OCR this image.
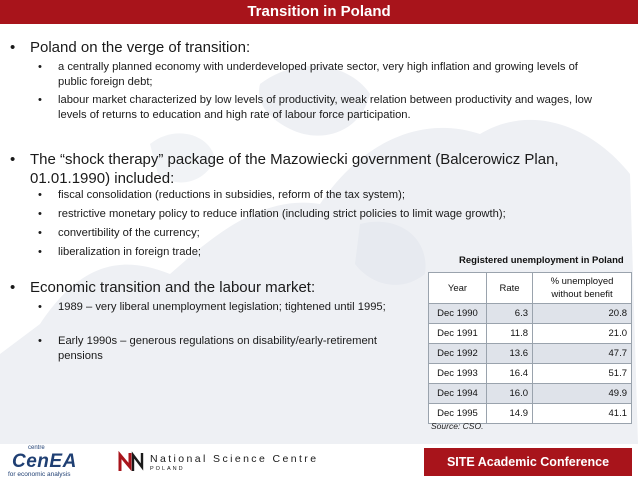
Transition in Poland
• Poland on the verge of transition:
• a centrally planned economy with underdeveloped private sector, very high inflation and growing levels of public foreign debt;
• labour market characterized by low levels of productivity, weak relation between productivity and wages, low levels of returns to education and high rate of labour force participation.
• The “shock therapy” package of the Mazowiecki government (Balcerowicz Plan, 01.01.1990) included:
• fiscal consolidation (reductions in subsidies, reform of the tax system);
• restrictive monetary policy to reduce inflation (including strict policies to limit wage growth);
• convertibility of the currency;
• liberalization in foreign trade;
• Economic transition and the labour market:
• 1989 – very liberal unemployment legislation; tightened until 1995;
• Early 1990s – generous regulations on disability/early-retirement pensions
Registered unemployment in Poland
Year	Rate	% unemployed without benefit
Dec 1990	6.3	20.8
Dec 1991	11.8	21.0
Dec 1992	13.6	47.7
Dec 1993	16.4	51.7
Dec 1994	16.0	49.9
Dec 1995	14.9	41.1
Source: CSO.
centre
CenEA
for economic analysis
National Science Centre
POLAND	SITE Academic Conference
